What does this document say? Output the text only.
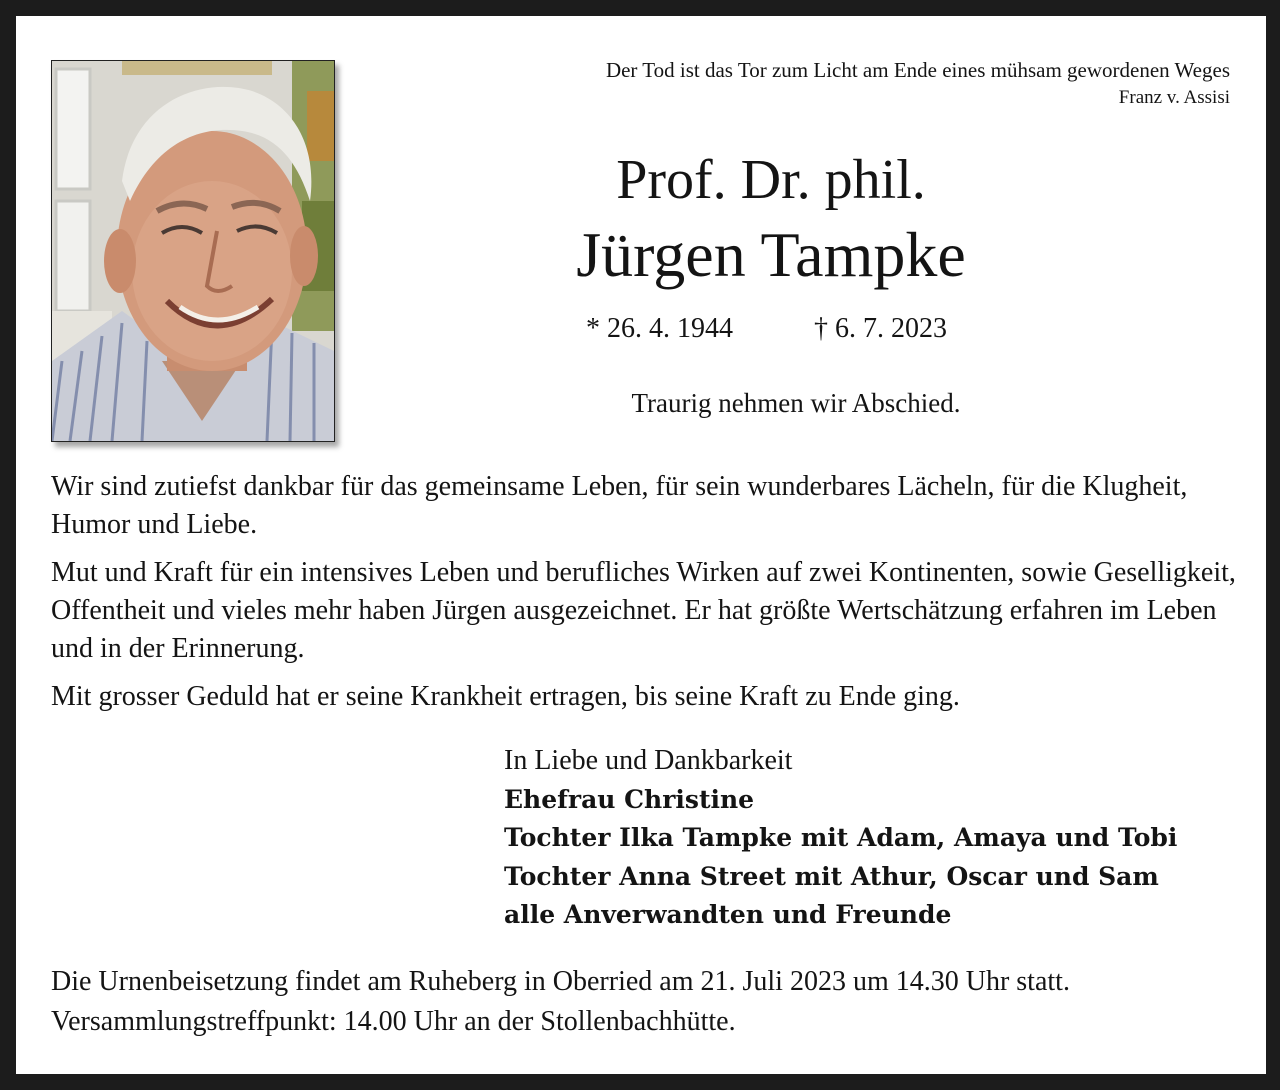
Der Tod ist das Tor zum Licht am Ende eines mühsam gewordenen Weges
Franz v. Assisi
Prof. Dr. phil.
Jürgen Tampke
* 26. 4. 1944	† 6. 7. 2023
Traurig nehmen wir Abschied.

Wir sind zutiefst dankbar für das gemeinsame Leben, für sein wunderbares Lächeln, für die Klugheit, Humor und Liebe.

Mut und Kraft für ein intensives Leben und berufliches Wirken auf zwei Kontinenten, sowie Geselligkeit, Offentheit und vieles mehr haben Jürgen ausgezeichnet. Er hat größte Wertschätzung erfahren im Leben und in der Erinnerung.

Mit grosser Geduld hat er seine Krankheit ertragen, bis seine Kraft zu Ende ging.

In Liebe und Dankbarkeit
Ehefrau Christine
Tochter Ilka Tampke mit Adam, Amaya und Tobi
Tochter Anna Street mit Athur, Oscar und Sam
alle Anverwandten und Freunde
Die Urnenbeisetzung findet am Ruheberg in Oberried am 21. Juli 2023 um 14.30 Uhr statt.
Versammlungstreffpunkt: 14.00 Uhr an der Stollenbachhütte.
